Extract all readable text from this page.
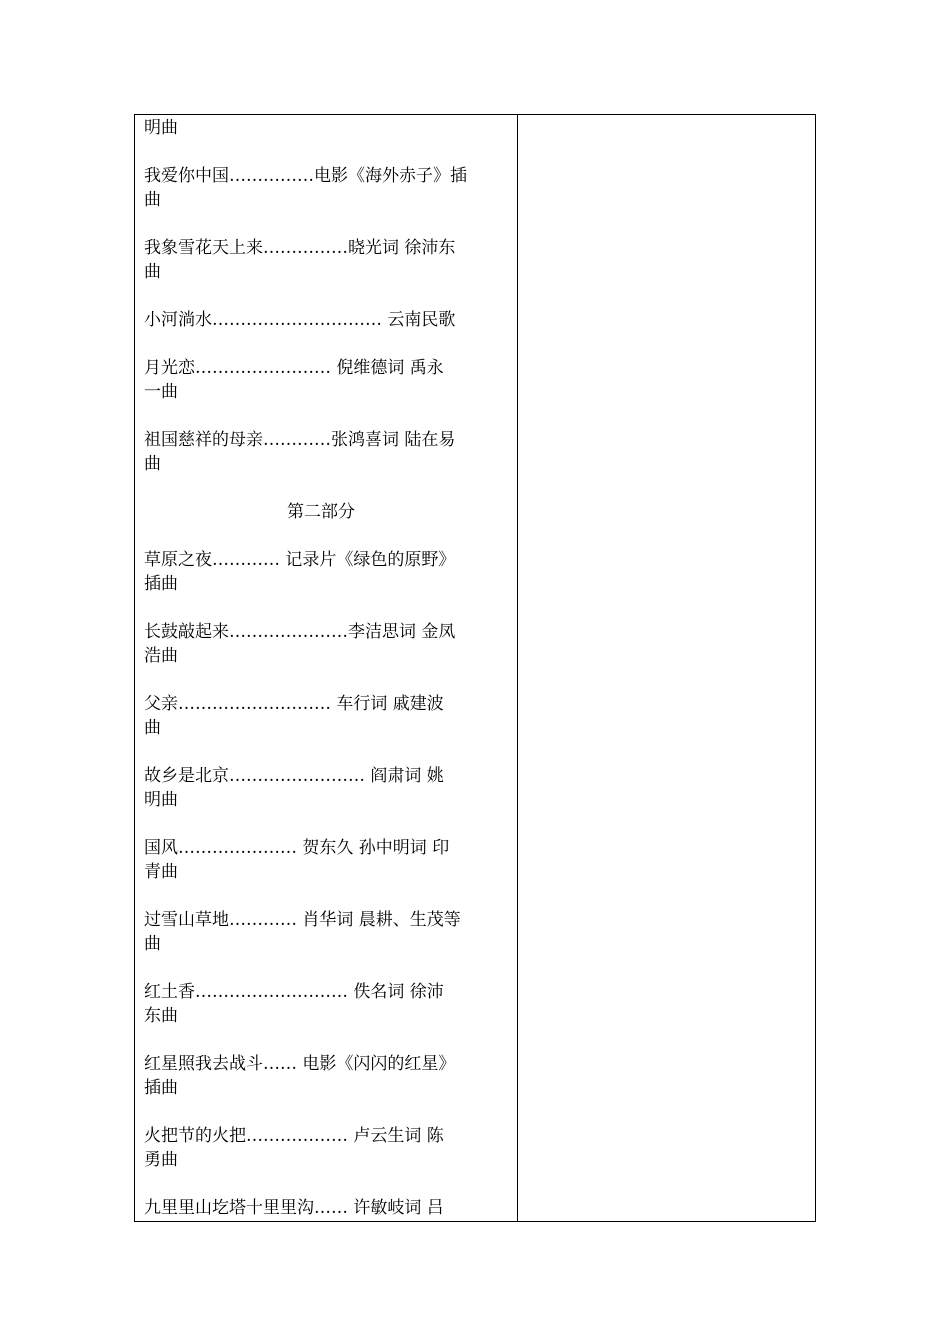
明曲
我爱你中国……………电影《海外赤子》插
曲
我象雪花天上来……………晓光词 徐沛东
曲
小河淌水………………………… 云南民歌
月光恋…………………… 倪维德词 禹永
一曲
祖国慈祥的母亲…………张鸿喜词 陆在易
曲
第二部分
草原之夜………… 记录片《绿色的原野》
插曲
长鼓敲起来…………………李洁思词 金凤
浩曲
父亲……………………… 车行词 戚建波
曲
故乡是北京…………………… 阎肃词 姚
明曲
国风………………… 贺东久 孙中明词 印
青曲
过雪山草地………… 肖华词 晨耕、生茂等
曲
红土香……………………… 佚名词 徐沛
东曲
红星照我去战斗…… 电影《闪闪的红星》
插曲
火把节的火把……………… 卢云生词 陈
勇曲
九里里山圪塔十里里沟…… 许敏岐词 吕
